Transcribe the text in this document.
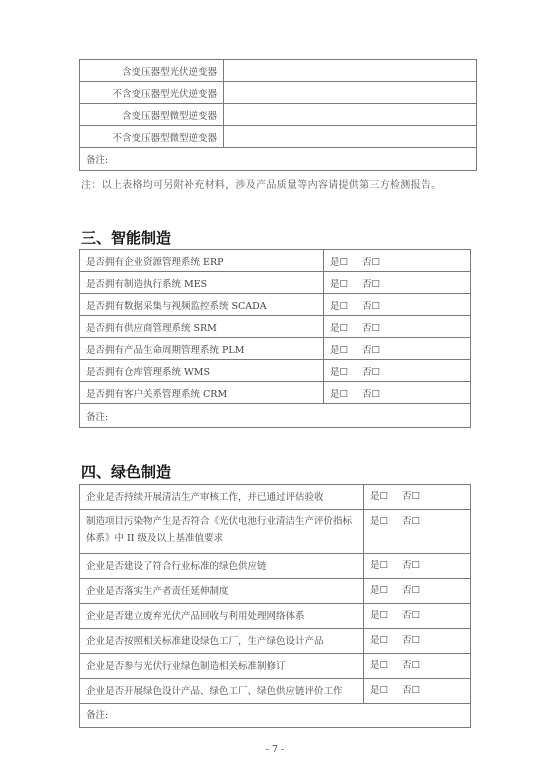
含变压器型光伏逆变器	
不含变压器型光伏逆变器	
含变压器型微型逆变器	
不含变压器型微型逆变器	
备注:	
注：以上表格均可另附补充材料，涉及产品质量等内容请提供第三方检测报告。
三、智能制造
是否拥有企业资源管理系统 ERP	是☐ 否☐
是否拥有制造执行系统 MES	是☐ 否☐
是否拥有数据采集与视频监控系统 SCADA	是☐ 否☐
是否拥有供应商管理系统 SRM	是☐ 否☐
是否拥有产品生命周期管理系统 PLM	是☐ 否☐
是否拥有仓库管理系统 WMS	是☐ 否☐
是否拥有客户关系管理系统 CRM	是☐ 否☐
备注:	
四、绿色制造
企业是否持续开展清洁生产审核工作，并已通过评估验收	是☐ 否☐
制造项目污染物产生是否符合《光伏电池行业清洁生产评价指标体系》中 II 级及以上基准值要求	是☐ 否☐
企业是否建设了符合行业标准的绿色供应链	是☐ 否☐
企业是否落实生产者责任延伸制度	是☐ 否☐
企业是否建立废弃光伏产品回收与利用处理网络体系	是☐ 否☐
企业是否按照相关标准建设绿色工厂，生产绿色设计产品	是☐ 否☐
企业是否参与光伏行业绿色制造相关标准制修订	是☐ 否☐
企业是否开展绿色设计产品、绿色工厂、绿色供应链评价工作	是☐ 否☐
备注:	
- 7 -
